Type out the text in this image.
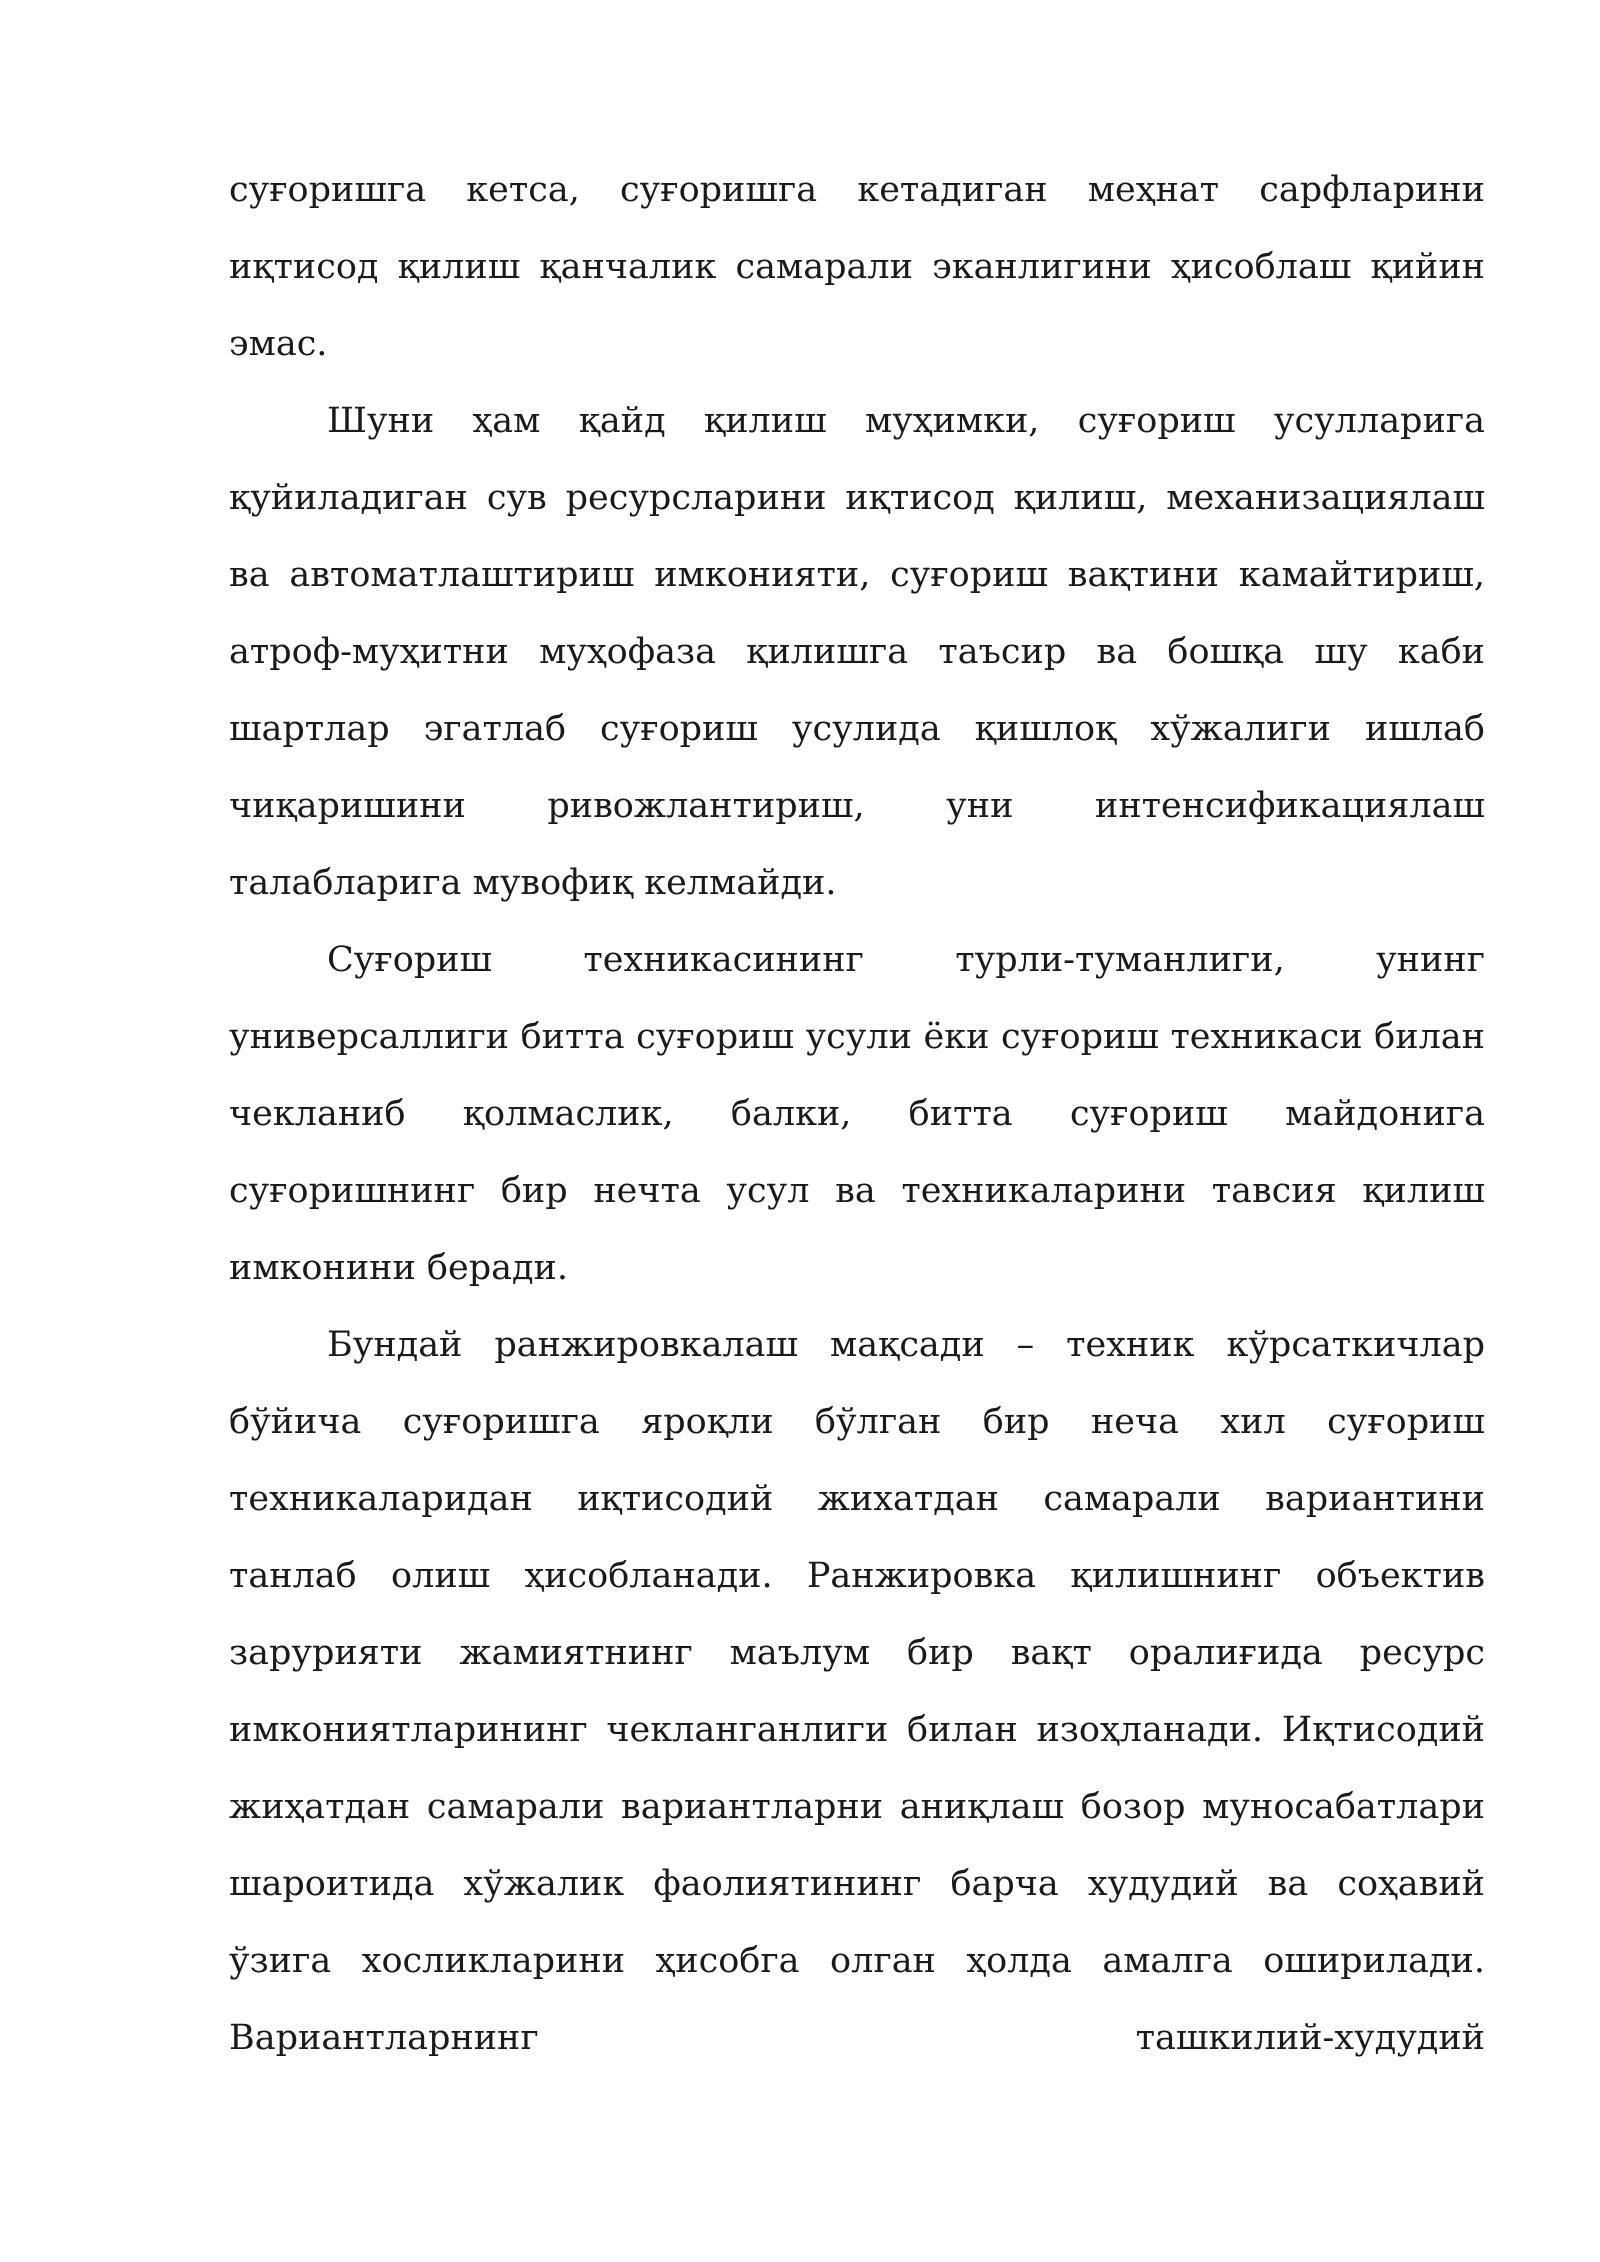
суғоришга кетса, суғоришга кетадиган меҳнат сарфларини иқтисод қилиш қанчалик самарали эканлигини ҳисоблаш қийин эмас.

Шуни ҳам қайд қилиш муҳимки, суғориш усулларига қуйиладиган сув ресурсларини иқтисод қилиш, механизациялаш ва автоматлаштириш имконияти, суғориш вақтини камайтириш, атроф-муҳитни муҳофаза қилишга таъсир ва бошқа шу каби шартлар эгатлаб суғориш усулида қишлоқ хўжалиги ишлаб чиқаришини ривожлантириш, уни интенсификациялаш талабларига мувофиқ келмайди.

Суғориш техникасининг турли-туманлиги, унинг универсаллиги битта суғориш усули ёки суғориш техникаси билан чекланиб қолмаслик, балки, битта суғориш майдонига суғоришнинг бир нечта усул ва техникаларини тавсия қилиш имконини беради.

Бундай ранжировкалаш мақсади – техник кўрсаткичлар бўйича суғоришга яроқли бўлган бир неча хил суғориш техникаларидан иқтисодий жихатдан самарали вариантини танлаб олиш ҳисобланади. Ранжировка қилишнинг объектив зарурияти жамиятнинг маълум бир вақт оралиғида ресурс имкониятларининг чекланганлиги билан изоҳланади. Иқтисодий жиҳатдан самарали вариантларни аниқлаш бозор муносабатлари шароитида хўжалик фаолиятининг барча худудий ва соҳавий ўзига хосликларини ҳисобга олган ҳолда амалга оширилади. Вариантларнинг ташкилий-худудий
